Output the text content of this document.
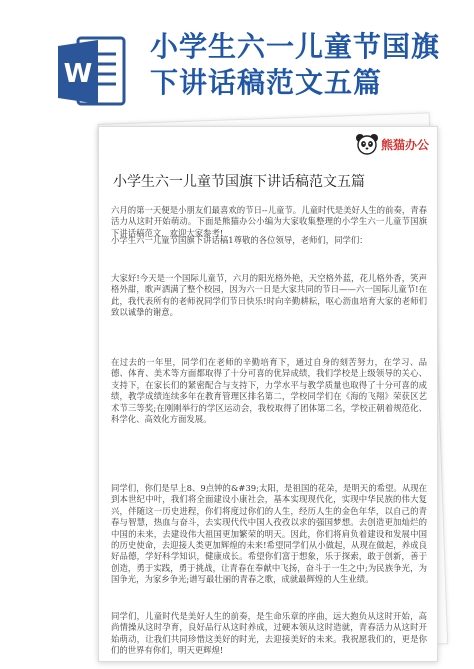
W
小学生六一儿童节国旗
下讲话稿范文五篇
熊猫办公
小学生六一儿童节国旗下讲话稿范文五篇
六月的第一天便是小朋友们最喜欢的节日--儿童节。儿童时代是美好人生的前奏，青春活力从这时开始萌动。下面是熊猫办公小编为大家收集整理的小学生六一儿童节国旗下讲话稿范文，欢迎大家参考!
小学生六一儿童节国旗下讲话稿1尊敬的各位领导，老师们，同学们：
大家好!今天是一个国际儿童节，六月的阳光格外艳，天空格外蓝，花儿格外香，笑声格外甜，歌声洒满了整个校园，因为六一日是大家共同的节日——六一国际儿童节!在此，我代表所有的老师祝同学们节日快乐!时向辛勤耕耘，呕心沥血培育大家的老师们致以诚挚的谢意。
在过去的一年里，同学们在老师的辛勤培育下，通过自身的刻苦努力，在学习、品德、体育、美术等方面都取得了十分可喜的优异成绩，我们学校是上级领导的关心、支持下，在家长们的紧密配合与支持下，力学水平与教学质量也取得了十分可喜的成绩，教学成绩连续多年在教育管理区排名第二，学校同学们在《海的飞翔》荣获区艺术节三等奖;在刚刚举行的学区运动会，我校取得了团体第二名，学校正朝着规范化、科学化、高效化方面发展。
同学们，你们是早上8、9点钟的&#39;太阳，是祖国的花朵，是明天的希望。从现在到本世纪中叶，我们将全面建设小康社会，基本实现现代化，实现中华民族的伟大复兴，伴随这一历史进程，你们将度过你们的人生，经历人生的金色年华，以自己的青春与智慧，热血与奋斗，去实现代代中国人孜孜以求的强国梦想。去创造更加灿烂的中国的未来，去建设伟大祖国更加繁荣的明天。因此，你们将肩负着建设和发展中国的历史使命，去迎接人类更加辉煌的未来!希望同学们从小做起，从现在做起，养成良好品德，学好科学知识，健康成长。希望你们富于想象，乐于探索，敢于创新，善于创造，勇于实践，勇于挑战，让青春在奉献中飞扬，奋斗于一生之中;为民族争光，为国争光，为家乡争光;谱写最壮丽的青春之歌，成就最辉煌的人生业绩。
同学们，儿童时代是美好人生的前奏，是生命乐章的序曲，远大抱负从这时开始，高尚情操从这时孕育，良好品行从这时养成，过硬本领从这时造就，青春活力从这时开始萌动，让我们共同珍惜这美好的时光，去迎接美好的未来。我祝愿我们的，更是你们的世界有你们，明天更辉煌!
